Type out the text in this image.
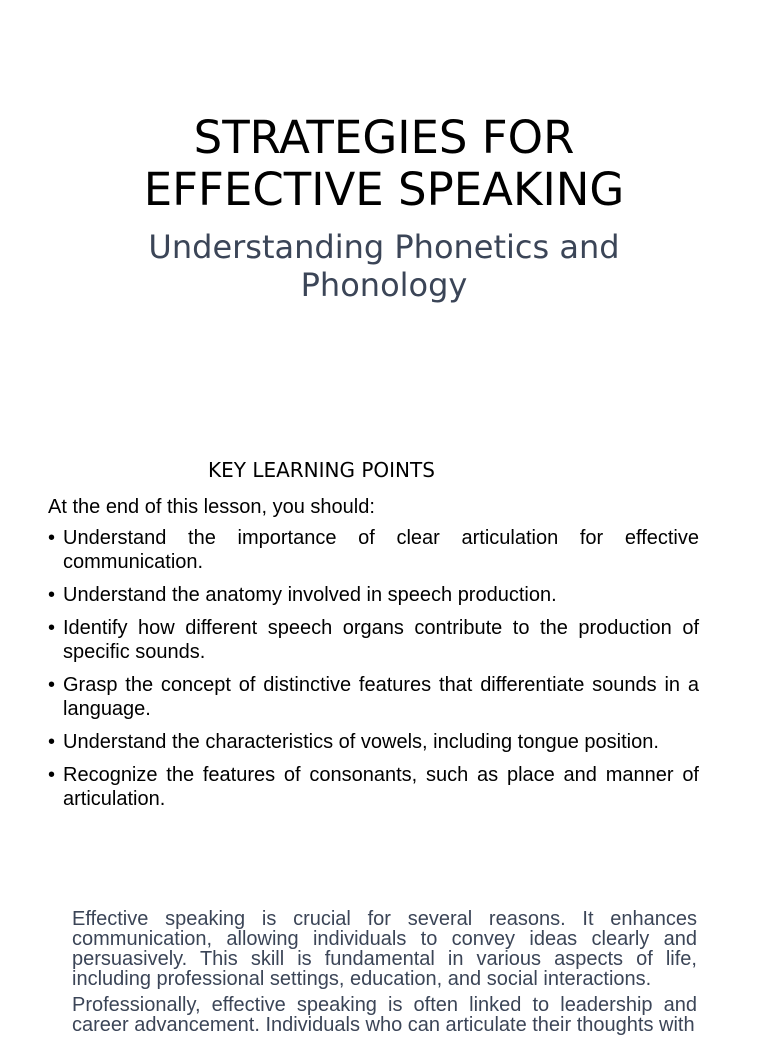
STRATEGIES FOR
EFFECTIVE SPEAKING
Understanding Phonetics and
Phonology
KEY LEARNING POINTS
At the end of this lesson, you should:
• Understand the importance of clear articulation for effective communication.
• Understand the anatomy involved in speech production.
• Identify how different speech organs contribute to the production of specific sounds.
• Grasp the concept of distinctive features that differentiate sounds in a language.
• Understand the characteristics of vowels, including tongue position.
• Recognize the features of consonants, such as place and manner of articulation.

Effective speaking is crucial for several reasons. It enhances communication, allowing individuals to convey ideas clearly and persuasively. This skill is fundamental in various aspects of life, including professional settings, education, and social interactions.

Professionally, effective speaking is often linked to leadership and career advancement. Individuals who can articulate their thoughts with
